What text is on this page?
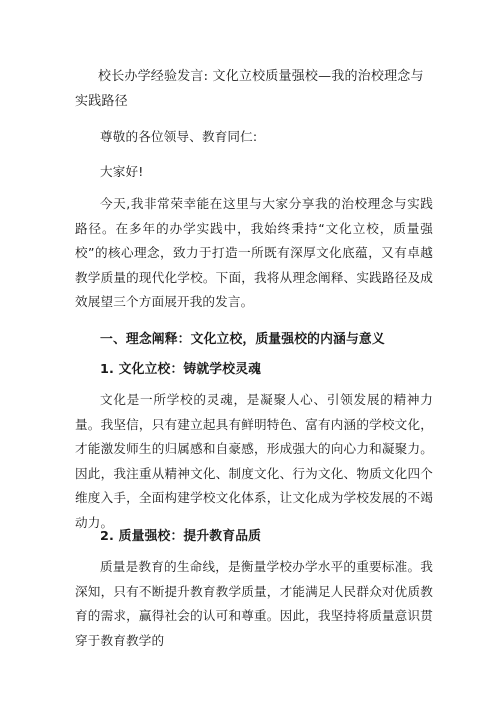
校长办学经验发言: 文化立校质量强校—我的治校理念与实践路径
尊敬的各位领导、教育同仁:
大家好!
今天,我非常荣幸能在这里与大家分享我的治校理念与实践路径。在多年的办学实践中，我始终秉持“文化立校，质量强校”的核心理念，致力于打造一所既有深厚文化底蕴，又有卓越教学质量的现代化学校。下面，我将从理念阐释、实践路径及成效展望三个方面展开我的发言。
一、理念阐释：文化立校，质量强校的内涵与意义
1. 文化立校：铸就学校灵魂
文化是一所学校的灵魂，是凝聚人心、引领发展的精神力量。我坚信，只有建立起具有鲜明特色、富有内涵的学校文化，才能激发师生的归属感和自豪感，形成强大的向心力和凝聚力。因此，我注重从精神文化、制度文化、行为文化、物质文化四个维度入手，全面构建学校文化体系，让文化成为学校发展的不竭动力。
2. 质量强校：提升教育品质
质量是教育的生命线，是衡量学校办学水平的重要标准。我深知，只有不断提升教育教学质量，才能满足人民群众对优质教育的需求，赢得社会的认可和尊重。因此，我坚持将质量意识贯穿于教育教学的
